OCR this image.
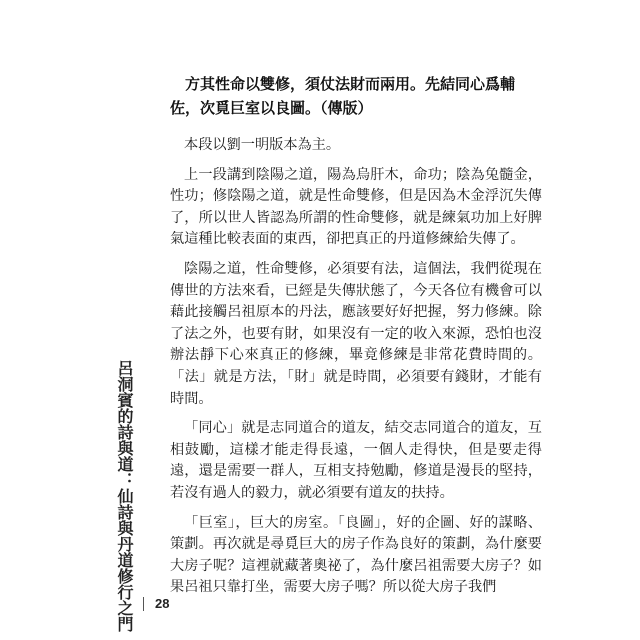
方其性命以雙修，須仗法財而兩用。先結同心爲輔

佐，次覓巨室以良圖。（傳版）

本段以劉一明版本為主。

上一段講到陰陽之道，陽為烏肝木，命功；陰為兔髓金，性功；修陰陽之道，就是性命雙修，但是因為木金浮沉失傳了，所以世人皆認為所謂的性命雙修，就是練氣功加上好脾氣這種比較表面的東西，卻把真正的丹道修練給失傳了。

陰陽之道，性命雙修，必須要有法，這個法，我們從現在傳世的方法來看，已經是失傳狀態了，今天各位有機會可以藉此接觸呂祖原本的丹法，應該要好好把握，努力修練。除了法之外，也要有財，如果沒有一定的收入來源，恐怕也沒辦法靜下心來真正的修練，畢竟修練是非常花費時間的。「法」就是方法，「財」就是時間，必須要有錢財，才能有時間。

「同心」就是志同道合的道友，結交志同道合的道友，互相鼓勵，這樣才能走得長遠，一個人走得快，但是要走得遠，還是需要一群人，互相支持勉勵，修道是漫長的堅持，若沒有過人的毅力，就必須要有道友的扶持。

「巨室」，巨大的房室。「良圖」，好的企圖、好的謀略、策劃。再次就是尋覓巨大的房子作為良好的策劃，為什麼要大房子呢？這裡就藏著奧祕了，為什麼呂祖需要大房子？如果呂祖只靠打坐，需要大房子嗎？所以從大房子我們

呂洞賓的詩與道：仙詩與丹道修行之門 28
